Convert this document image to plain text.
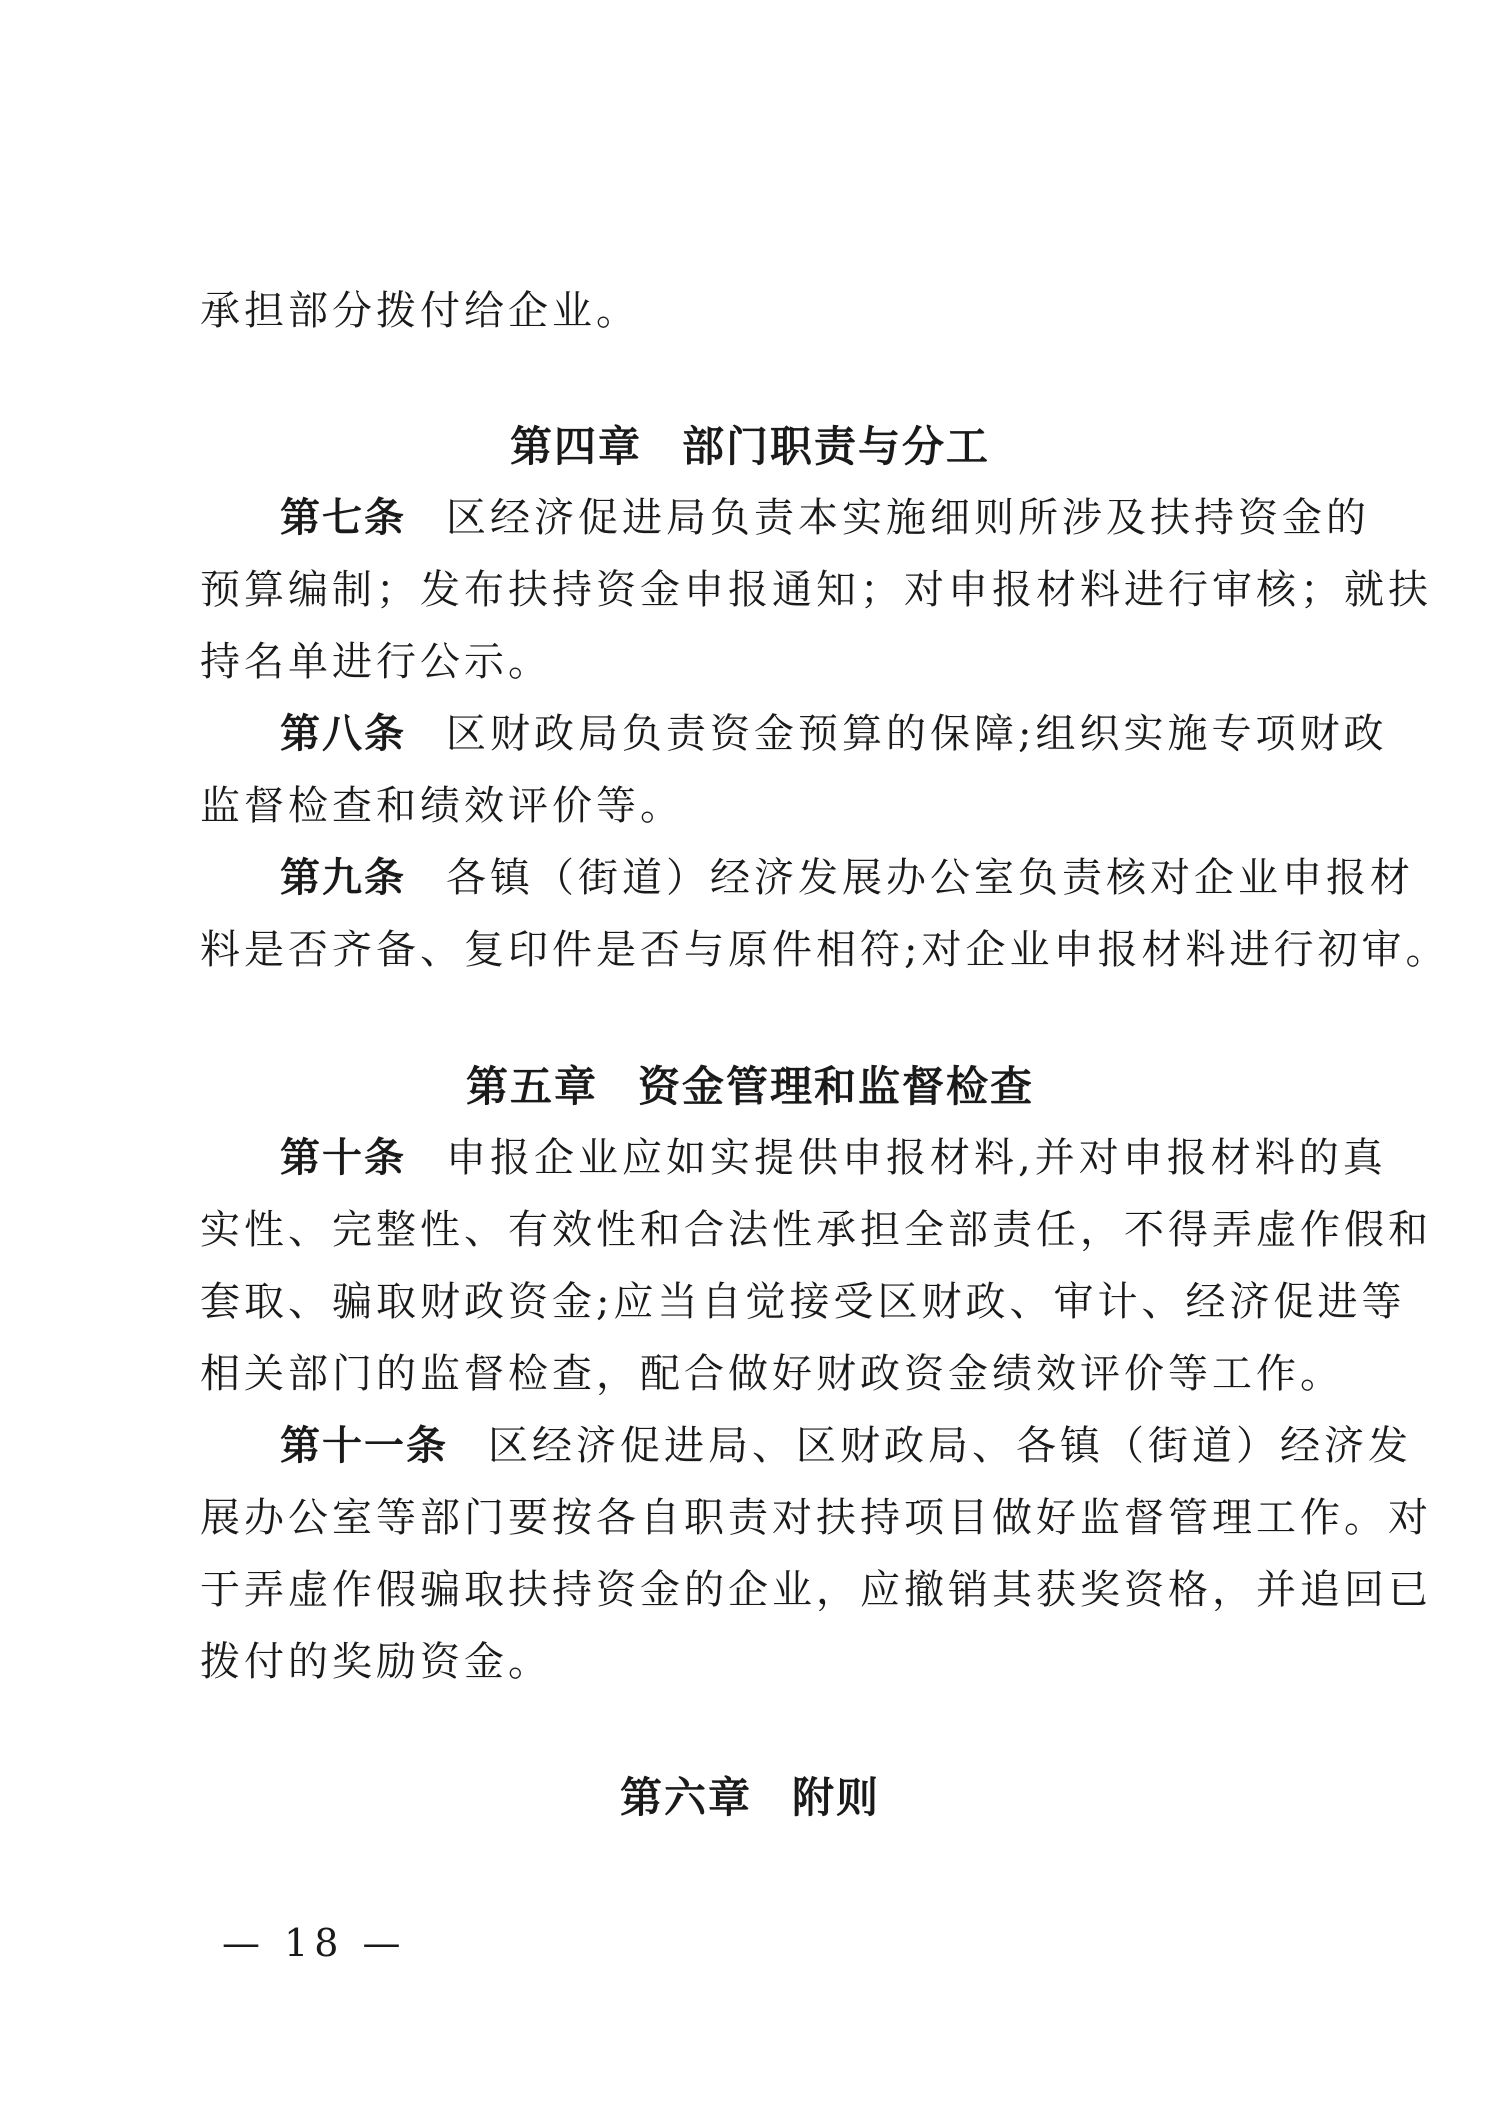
承担部分拨付给企业。
第四章 部门职责与分工
第七条 区经济促进局负责本实施细则所涉及扶持资金的
预算编制；发布扶持资金申报通知；对申报材料进行审核；就扶
持名单进行公示。
第八条 区财政局负责资金预算的保障;组织实施专项财政
监督检查和绩效评价等。
第九条 各镇（街道）经济发展办公室负责核对企业申报材
料是否齐备、复印件是否与原件相符;对企业申报材料进行初审。
第五章 资金管理和监督检查
第十条 申报企业应如实提供申报材料,并对申报材料的真
实性、完整性、有效性和合法性承担全部责任，不得弄虚作假和
套取、骗取财政资金;应当自觉接受区财政、审计、经济促进等
相关部门的监督检查，配合做好财政资金绩效评价等工作。
第十一条 区经济促进局、区财政局、各镇（街道）经济发
展办公室等部门要按各自职责对扶持项目做好监督管理工作。对
于弄虚作假骗取扶持资金的企业，应撤销其获奖资格，并追回已
拨付的奖励资金。
第六章 附则
— 18 —
